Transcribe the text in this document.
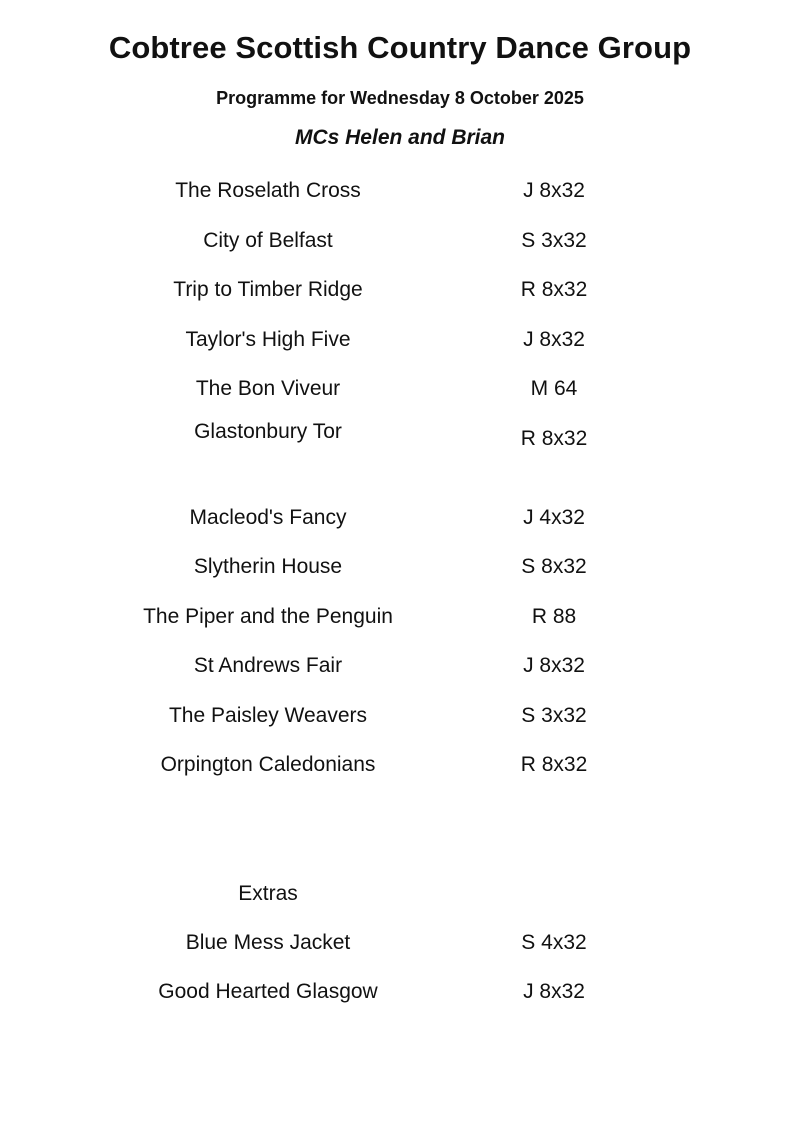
Cobtree Scottish Country Dance Group
Programme for Wednesday 8 October 2025
MCs Helen and Brian
The Roselath Cross	J 8x32
City of Belfast	S 3x32
Trip to Timber Ridge	R 8x32
Taylor's High Five	J 8x32
The Bon Viveur	M 64
Glastonbury Tor	R 8x32
Macleod's Fancy	J 4x32
Slytherin House	S 8x32
The Piper and the Penguin	R 88
St Andrews Fair	J 8x32
The Paisley Weavers	S 3x32
Orpington Caledonians	R 8x32
Extras
Blue Mess Jacket	S 4x32
Good Hearted Glasgow	J 8x32
